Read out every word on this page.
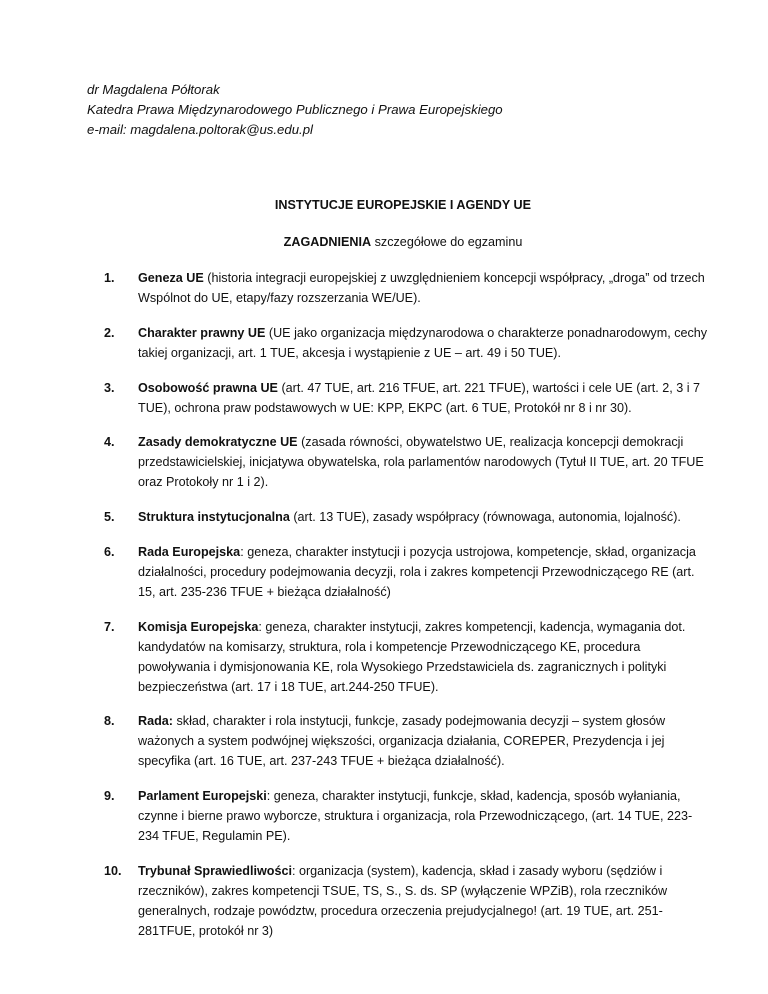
dr Magdalena Półtorak
Katedra Prawa Międzynarodowego Publicznego i Prawa Europejskiego
e-mail: magdalena.poltorak@us.edu.pl
INSTYTUCJE EUROPEJSKIE I AGENDY UE
ZAGADNIENIA szczegółowe do egzaminu
1.	Geneza UE (historia integracji europejskiej z uwzględnieniem koncepcji współpracy, „droga” od trzech Wspólnot do UE, etapy/fazy rozszerzania WE/UE).
2.	Charakter prawny UE (UE jako organizacja międzynarodowa o charakterze ponadnarodowym, cechy takiej organizacji, art. 1 TUE, akcesja i wystąpienie z UE – art. 49 i 50 TUE).
3.	Osobowość prawna UE (art. 47 TUE, art. 216 TFUE, art. 221 TFUE), wartości i cele UE (art. 2, 3 i 7 TUE), ochrona praw podstawowych w UE: KPP, EKPC (art. 6 TUE, Protokół nr 8 i nr 30).
4.	Zasady demokratyczne UE (zasada równości, obywatelstwo UE, realizacja koncepcji demokracji przedstawicielskiej, inicjatywa obywatelska, rola parlamentów narodowych (Tytuł II TUE, art. 20 TFUE oraz Protokoły nr 1 i 2).
5.	Struktura instytucjonalna (art. 13 TUE), zasady współpracy (równowaga, autonomia, lojalność).
6.	Rada Europejska: geneza, charakter instytucji i pozycja ustrojowa, kompetencje, skład, organizacja działalności, procedury podejmowania decyzji, rola i zakres kompetencji Przewodniczącego RE (art. 15, art. 235-236 TFUE + bieżąca działalność)
7.	Komisja Europejska: geneza, charakter instytucji, zakres kompetencji, kadencja, wymagania dot. kandydatów na komisarzy, struktura, rola i kompetencje Przewodniczącego KE, procedura powoływania i dymisjonowania KE, rola Wysokiego Przedstawiciela ds. zagranicznych i polityki bezpieczeństwa (art. 17 i 18 TUE, art.244-250 TFUE).
8.	Rada: skład, charakter i rola instytucji, funkcje, zasady podejmowania decyzji – system głosów ważonych a system podwójnej większości, organizacja działania, COREPER, Prezydencja i jej specyfika (art. 16 TUE, art. 237-243 TFUE + bieżąca działalność).
9.	Parlament Europejski: geneza, charakter instytucji, funkcje, skład, kadencja, sposób wyłaniania, czynne i bierne prawo wyborcze, struktura i organizacja, rola Przewodniczącego, (art. 14 TUE, 223-234 TFUE, Regulamin PE).
10.	Trybunał Sprawiedliwości: organizacja (system), kadencja, skład i zasady wyboru (sędziów i rzeczników), zakres kompetencji TSUE, TS, S., S. ds. SP (wyłączenie WPZiB), rola rzeczników generalnych, rodzaje powództw, procedura orzeczenia prejudycjalnego! (art. 19 TUE, art. 251- 281TFUE, protokół nr 3)
